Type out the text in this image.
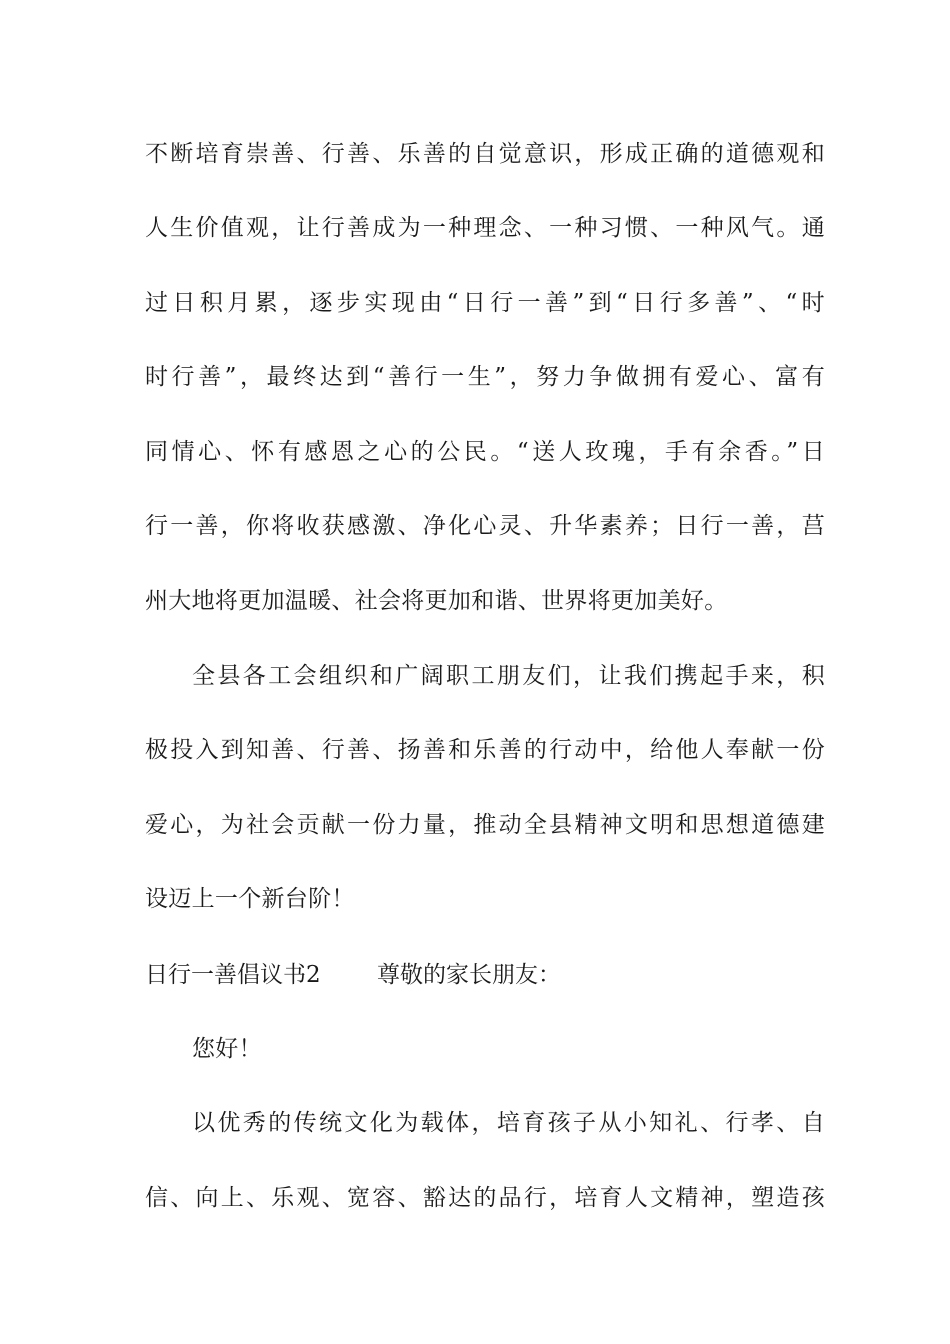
不断培育崇善、行善、乐善的自觉意识，形成正确的道德观和
人生价值观，让行善成为一种理念、一种习惯、一种风气。通
过日积月累，逐步实现由“日行一善”到“日行多善”、“时
时行善”，最终达到“善行一生”，努力争做拥有爱心、富有
同情心、怀有感恩之心的公民。“送人玫瑰，手有余香。”日
行一善，你将收获感激、净化心灵、升华素养；日行一善，莒
州大地将更加温暖、社会将更加和谐、世界将更加美好。
全县各工会组织和广阔职工朋友们，让我们携起手来，积
极投入到知善、行善、扬善和乐善的行动中，给他人奉献一份
爱心，为社会贡献一份力量，推动全县精神文明和思想道德建
设迈上一个新台阶！
日行一善倡议书2 尊敬的家长朋友：
您好！
以优秀的传统文化为载体，培育孩子从小知礼、行孝、自
信、向上、乐观、宽容、豁达的品行，培育人文精神，塑造孩
